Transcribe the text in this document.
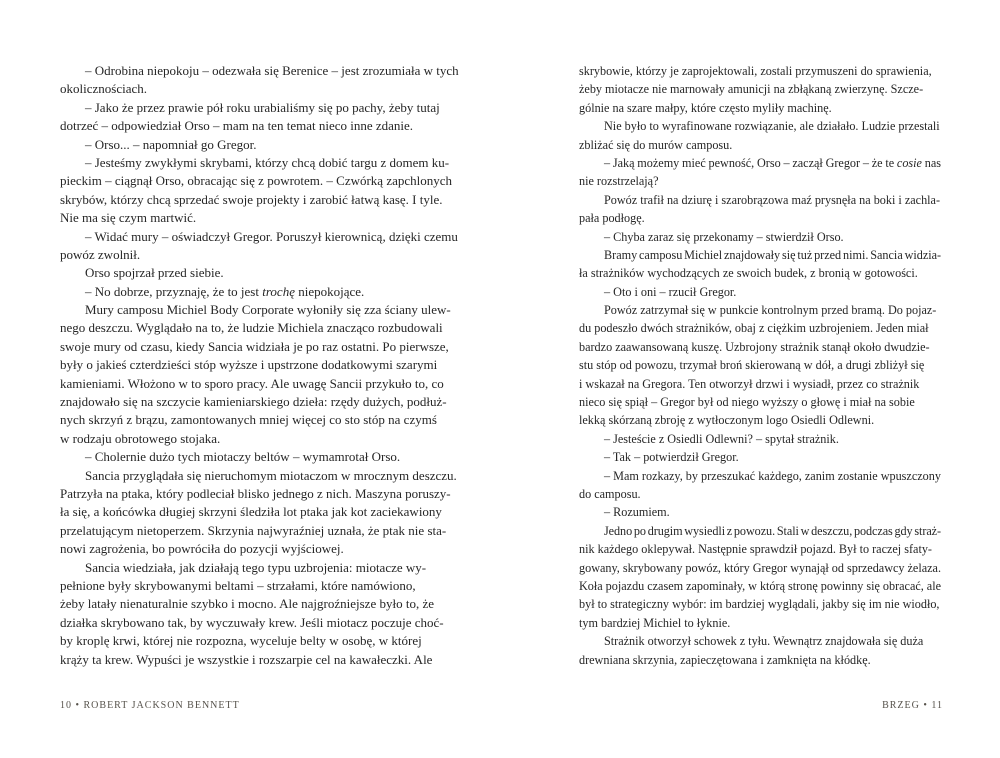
– Odrobina niepokoju – odezwała się Berenice – jest zrozumiała w tych
okolicznościach.
– Jako że przez prawie pół roku urabialiśmy się po pachy, żeby tutaj
dotrzeć – odpowiedział Orso – mam na ten temat nieco inne zdanie.
– Orso... – napomniał go Gregor.
– Jesteśmy zwykłymi skrybami, którzy chcą dobić targu z domem ku-
pieckim – ciągnął Orso, obracając się z powrotem. – Czwórką zapchlonych
skrybów, którzy chcą sprzedać swoje projekty i zarobić łatwą kasę. I tyle.
Nie ma się czym martwić.
– Widać mury – oświadczył Gregor. Poruszył kierownicą, dzięki czemu
powóz zwolnił.
Orso spojrzał przed siebie.
– No dobrze, przyznaję, że to jest trochę niepokojące.
Mury camposu Michiel Body Corporate wyłoniły się zza ściany ulew-
nego deszczu. Wyglądało na to, że ludzie Michiela znacząco rozbudowali
swoje mury od czasu, kiedy Sancia widziała je po raz ostatni. Po pierwsze,
były o jakieś czterdzieści stóp wyższe i upstrzone dodatkowymi szarymi
kamieniami. Włożono w to sporo pracy. Ale uwagę Sancii przykuło to, co
znajdowało się na szczycie kamieniarskiego dzieła: rzędy dużych, podłuż-
nych skrzyń z brązu, zamontowanych mniej więcej co sto stóp na czymś
w rodzaju obrotowego stojaka.
– Cholernie dużo tych miotaczy beltów – wymamrotał Orso.
Sancia przyglądała się nieruchomym miotaczom w mrocznym deszczu.
Patrzyła na ptaka, który podleciał blisko jednego z nich. Maszyna poruszy-
ła się, a końcówka długiej skrzyni śledziła lot ptaka jak kot zaciekawiony
przelatującym nietoperzem. Skrzynia najwyraźniej uznała, że ptak nie sta-
nowi zagrożenia, bo powróciła do pozycji wyjściowej.
Sancia wiedziała, jak działają tego typu uzbrojenia: miotacze wy-
pełnione były skrybowanymi beltami – strzałami, które namówiono,
żeby latały nienaturalnie szybko i mocno. Ale najgroźniejsze było to, że
działka skrybowano tak, by wyczuwały krew. Jeśli miotacz poczuje choć-
by kroplę krwi, której nie rozpozna, wyceluje belty w osobę, w której
krąży ta krew. Wypuści je wszystkie i rozszarpie cel na kawałeczki. Ale
skrybowie, którzy je zaprojektowali, zostali przymuszeni do sprawienia,
żeby miotacze nie marnowały amunicji na zbłąkaną zwierzynę. Szcze-
gólnie na szare małpy, które często myliły machinę.
Nie było to wyrafinowane rozwiązanie, ale działało. Ludzie przestali
zbliżać się do murów camposu.
– Jaką możemy mieć pewność, Orso – zaczął Gregor – że te cosie nas
nie rozstrzelają?
Powóz trafił na dziurę i szarobrązowa maź prysnęła na boki i zachla-
pała podłogę.
– Chyba zaraz się przekonamy – stwierdził Orso.
Bramy camposu Michiel znajdowały się tuż przed nimi. Sancia widzia-
ła strażników wychodzących ze swoich budek, z bronią w gotowości.
– Oto i oni – rzucił Gregor.
Powóz zatrzymał się w punkcie kontrolnym przed bramą. Do pojaz-
du podeszło dwóch strażników, obaj z ciężkim uzbrojeniem. Jeden miał
bardzo zaawansowaną kuszę. Uzbrojony strażnik stanął około dwudzie-
stu stóp od powozu, trzymał broń skierowaną w dół, a drugi zbliżył się
i wskazał na Gregora. Ten otworzył drzwi i wysiadł, przez co strażnik
nieco się spiął – Gregor był od niego wyższy o głowę i miał na sobie
lekką skórzaną zbroję z wytłoczonym logo Osiedli Odlewni.
– Jesteście z Osiedli Odlewni? – spytał strażnik.
– Tak – potwierdził Gregor.
– Mam rozkazy, by przeszukać każdego, zanim zostanie wpuszczony
do camposu.
– Rozumiem.
Jedno po drugim wysiedli z powozu. Stali w deszczu, podczas gdy straż-
nik każdego oklepywał. Następnie sprawdził pojazd. Był to raczej sfaty-
gowany, skrybowany powóz, który Gregor wynajął od sprzedawcy żelaza.
Koła pojazdu czasem zapominały, w którą stronę powinny się obracać, ale
był to strategiczny wybór: im bardziej wyglądali, jakby się im nie wiodło,
tym bardziej Michiel to łyknie.
Strażnik otworzył schowek z tyłu. Wewnątrz znajdowała się duża
drewniana skrzynia, zapieczętowana i zamknięta na kłódkę.
10 • ROBERT JACKSON BENNETT	BRZEG • 11
